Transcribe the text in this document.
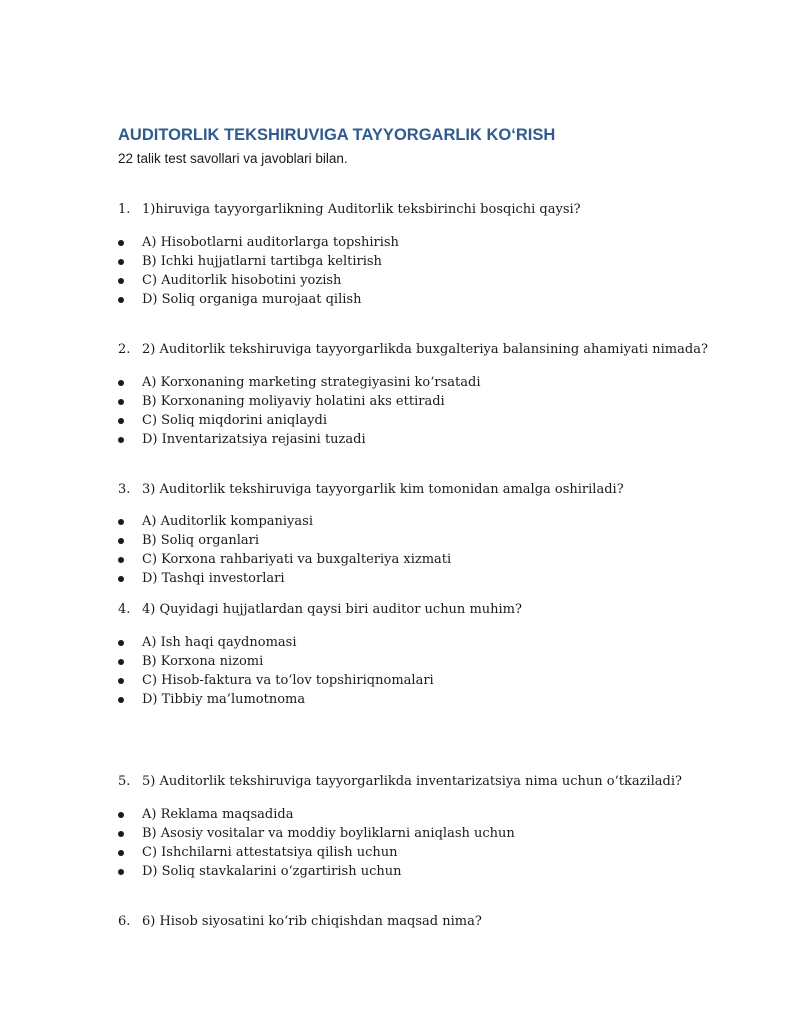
AUDITORLIK TEKSHIRUVIGA TAYYORGARLIK KO‘RISH
22 talik test savollari va javoblari bilan.
1. 1)hiruviga tayyorgarlikning Auditorlik teksbirinchi bosqichi qaysi?
A) Hisobotlarni auditorlarga topshirish
B) Ichki hujjatlarni tartibga keltirish
C) Auditorlik hisobotini yozish
D) Soliq organiga murojaat qilish
2. 2) Auditorlik tekshiruviga tayyorgarlikda buxgalteriya balansining ahamiyati nimada?
A) Korxonaning marketing strategiyasini ko‘rsatadi
B) Korxonaning moliyaviy holatini aks ettiradi
C) Soliq miqdorini aniqlaydi
D) Inventarizatsiya rejasini tuzadi
3. 3) Auditorlik tekshiruviga tayyorgarlik kim tomonidan amalga oshiriladi?
A) Auditorlik kompaniyasi
B) Soliq organlari
C) Korxona rahbariyati va buxgalteriya xizmati
D) Tashqi investorlari
4. 4) Quyidagi hujjatlardan qaysi biri auditor uchun muhim?
A) Ish haqi qaydnomasi
B) Korxona nizomi
C) Hisob-faktura va to‘lov topshiriqnomalari
D) Tibbiy ma’lumotnoma
5. 5) Auditorlik tekshiruviga tayyorgarlikda inventarizatsiya nima uchun o‘tkaziladi?
A) Reklama maqsadida
B) Asosiy vositalar va moddiy boyliklarni aniqlash uchun
C) Ishchilarni attestatsiya qilish uchun
D) Soliq stavkalarini o‘zgartirish uchun
6. 6) Hisob siyosatini ko‘rib chiqishdan maqsad nima?
